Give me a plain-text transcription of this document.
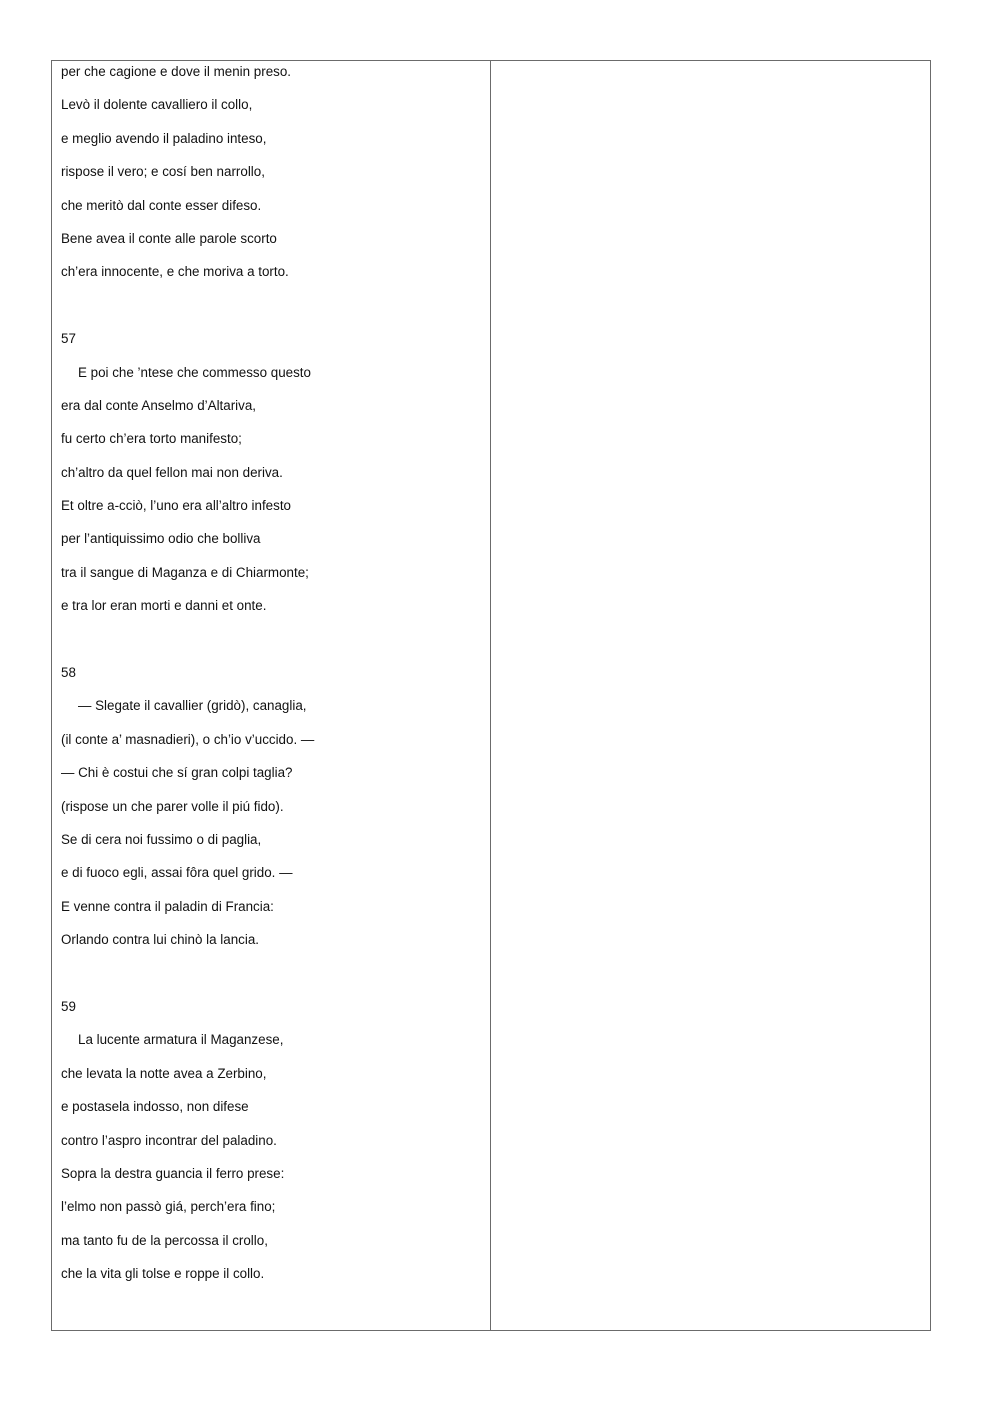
per che cagione e dove il menin preso.
Levò il dolente cavalliero il collo,
e meglio avendo il paladino inteso,
rispose il vero; e cosí ben narrollo,
che meritò dal conte esser difeso.
Bene avea il conte alle parole scorto
ch’era innocente, e che moriva a torto.
57
E poi che ’ntese che commesso questo
era dal conte Anselmo d’Altariva,
fu certo ch’era torto manifesto;
ch’altro da quel fellon mai non deriva.
Et oltre a-cciò, l’uno era all’altro infesto
per l’antiquissimo odio che bolliva
tra il sangue di Maganza e di Chiarmonte;
e tra lor eran morti e danni et onte.
58
— Slegate il cavallier (gridò), canaglia,
(il conte a’ masnadieri), o ch’io v’uccido. —
— Chi è costui che sí gran colpi taglia?
(rispose un che parer volle il piú fido).
Se di cera noi fussimo o di paglia,
e di fuoco egli, assai fôra quel grido. —
E venne contra il paladin di Francia:
Orlando contra lui chinò la lancia.
59
La lucente armatura il Maganzese,
che levata la notte avea a Zerbino,
e postasela indosso, non difese
contro l’aspro incontrar del paladino.
Sopra la destra guancia il ferro prese:
l’elmo non passò giá, perch’era fino;
ma tanto fu de la percossa il crollo,
che la vita gli tolse e roppe il collo.
